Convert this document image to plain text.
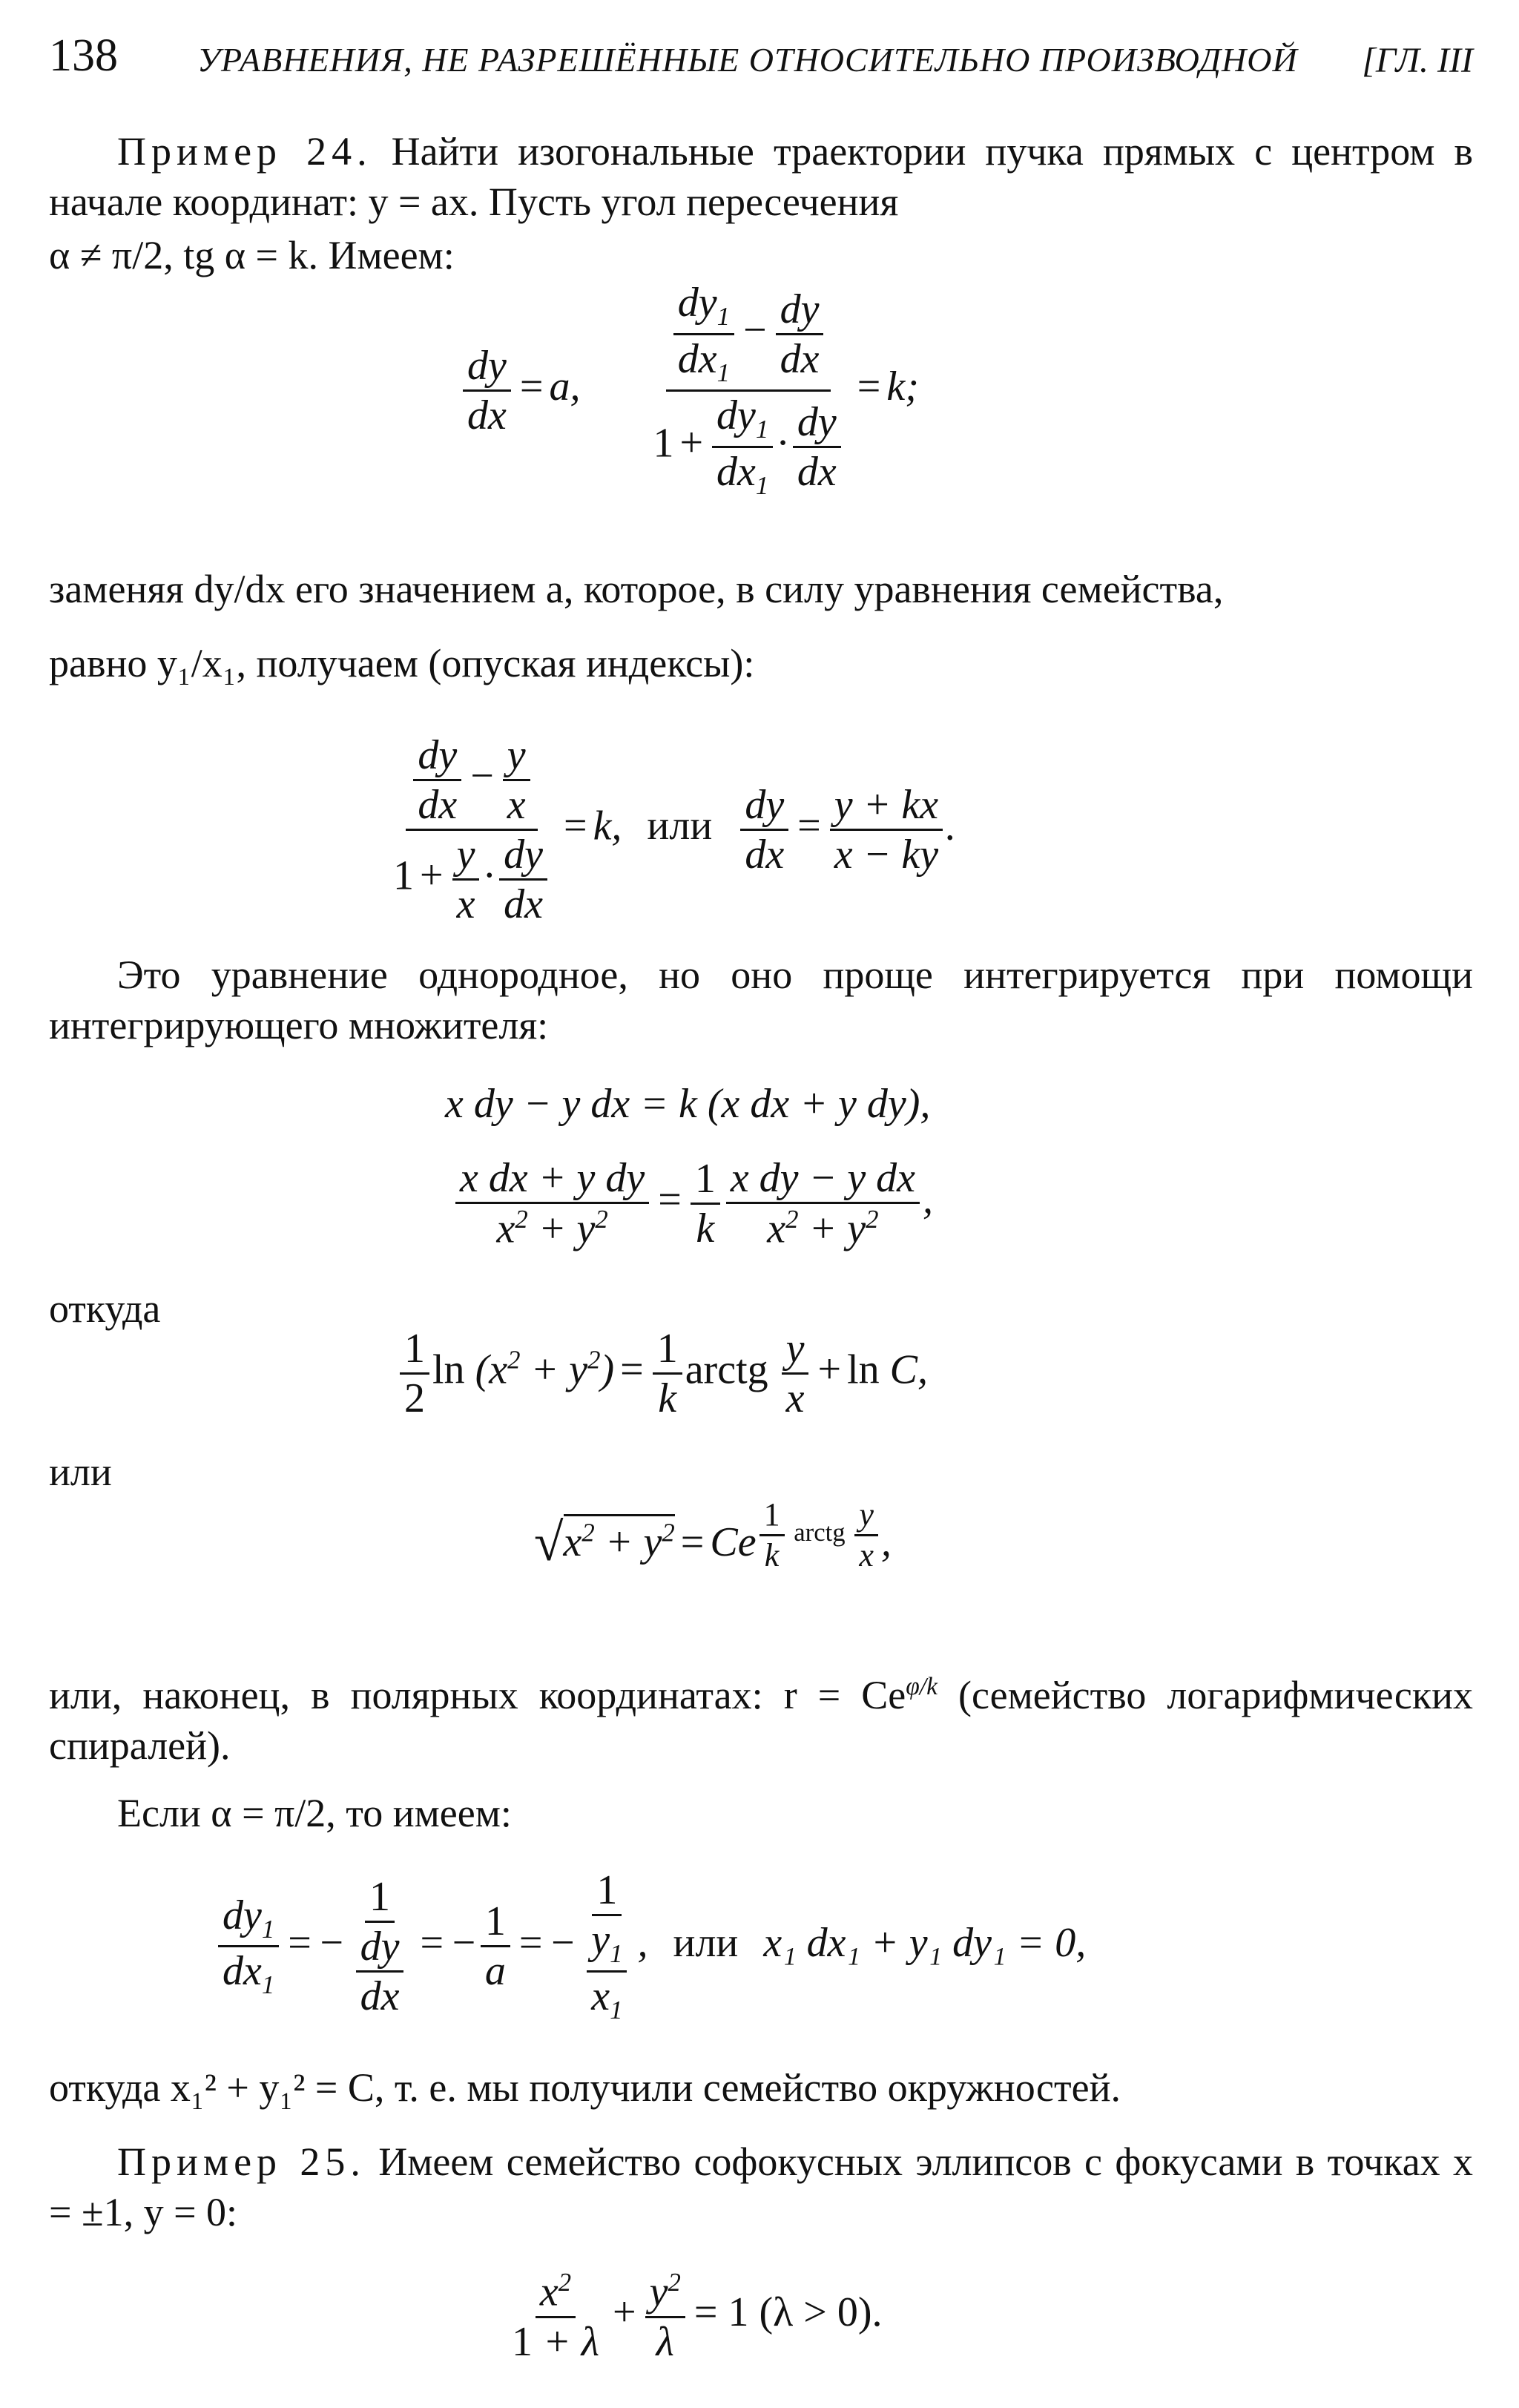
138 УРАВНЕНИЯ, НЕ РАЗРЕШЁННЫЕ ОТНОСИТЕЛЬНО ПРОИЗВОДНОЙ [ГЛ. III
Пример 24. Найти изогональные траектории пучка прямых с центром в начале координат: y = ax. Пусть угол пересечения
α ≠ π/2, tg α = k. Имеем:
$\frac{dy}{dx} = a$,
$\frac{dy_1}{dx_1} - \frac{dy}{dx}$
$1 + \frac{dy_1}{dx_1} \cdot \frac{dy}{dx}$
= k;
заменяя dy/dx его значением a, которое, в силу уравнения семейства,
равно y₁/x₁, получаем (опуская индексы):
$\frac{dy}{dx} - \frac{y}{x}$
$1 + \frac{y}{x} \cdot \frac{dy}{dx}$
= k, или $\frac{dy}{dx} = \frac{y + kx}{x - ky}$ .
Это уравнение однородное, но оно проще интегрируется при помощи интегрирующего множителя:
x dy − y dx = k (x dx + y dy),
$\frac{\text{x dx + y dy}}{x^2 + y^2} = \frac{1}{k} \frac{\text{x dy − y dx}}{x^2 + y^2}$ ,
откуда
$\frac{1}{2}$ $\ln (x^2 + y^2) = \frac{1}{k}$ arctg $\frac{y}{x} + \ln C$,
или
$√x^2 + y^2 = Ce$ $^{\frac{1}{k} arctg \frac{y}{x}}$ ,
или, наконец, в полярных координатах: $r = Ce^{\varphi/k}$ (семейство логарифмических спиралей).
Если α = π/2, то имеем:
$\frac{dy_1}{dx_1}$ = −
1
$\frac{dy}{dx}$ = − $\frac{1}{a}$ = − $\frac{1}{\frac{y_1}{x_1}}$ , или x₁ dx₁ + y₁ dy₁ = 0,
откуда x₁² + y₁² = C, т. е. мы получили семейство окружностей.
Пример 25. Имеем семейство софокусных эллипсов с фокусами в точках x = ±1, y = 0:
$\frac{x^2}{1 + \lambda} + \frac{y^2}{\lambda} = 1$ (λ > 0).
